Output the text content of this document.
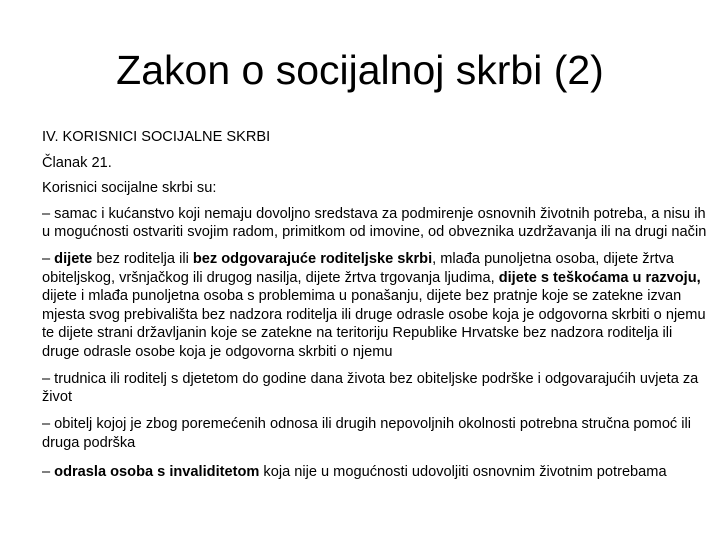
Zakon o socijalnoj skrbi (2)

IV. KORISNICI SOCIJALNE SKRBI

Članak 21.

Korisnici socijalne skrbi su:

– samac i kućanstvo koji nemaju dovoljno sredstava za podmirenje osnovnih životnih potreba, a nisu ih u mogućnosti ostvariti svojim radom, primitkom od imovine, od obveznika uzdržavanja ili na drugi način

– dijete bez roditelja ili bez odgovarajuće roditeljske skrbi, mlađa punoljetna osoba, dijete žrtva obiteljskog, vršnjačkog ili drugog nasilja, dijete žrtva trgovanja ljudima, dijete s teškoćama u razvoju, dijete i mlađa punoljetna osoba s problemima u ponašanju, dijete bez pratnje koje se zatekne izvan mjesta svog prebivališta bez nadzora roditelja ili druge odrasle osobe koja je odgovorna skrbiti o njemu te dijete strani državljanin koje se zatekne na teritoriju Republike Hrvatske bez nadzora roditelja ili druge odrasle osobe koja je odgovorna skrbiti o njemu

– trudnica ili roditelj s djetetom do godine dana života bez obiteljske podrške i odgovarajućih uvjeta za život

– obitelj kojoj je zbog poremećenih odnosa ili drugih nepovoljnih okolnosti potrebna stručna pomoć ili druga podrška

– odrasla osoba s invaliditetom koja nije u mogućnosti udovoljiti osnovnim životnim potrebama
